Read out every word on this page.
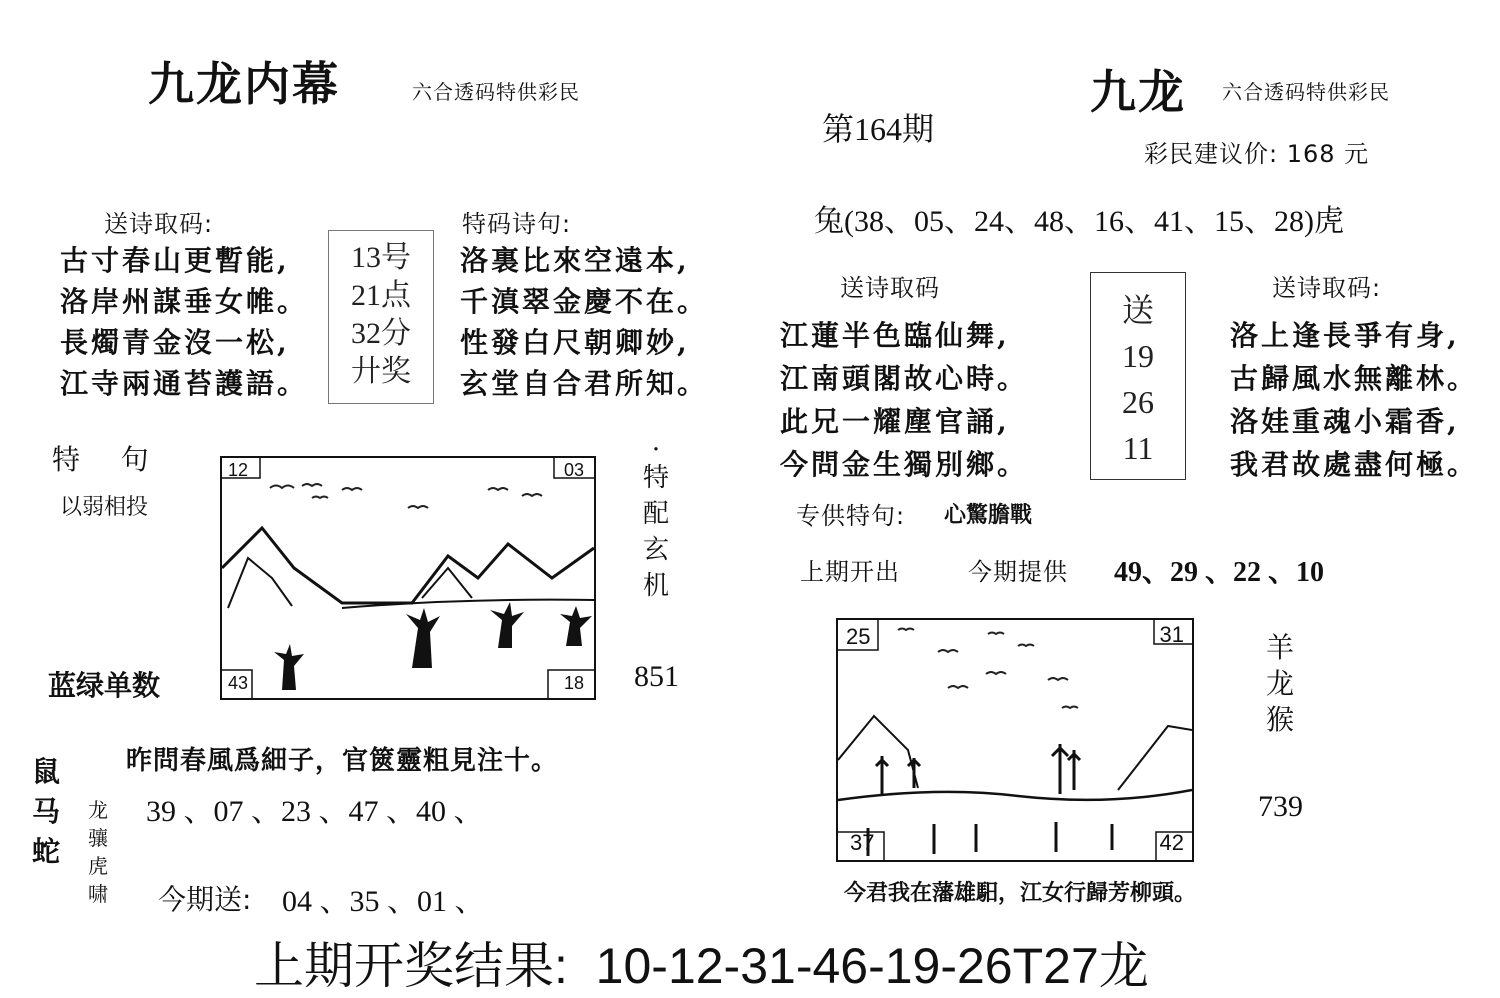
九龙内幕	六合透码特供彩民
送诗取码:
古寸春山更暫能,
洛岸州謀垂女帷。
長燭青金沒一松,
江寺兩通苔護語。
13号
21点
32分
廾奖
特码诗句:
洛裏比來空遠本,
千滇翠金慶不在。
性發白尺朝卿妙,
玄堂自合君所知。
特    句
以弱相投
12	03
43	18
·
特
配
玄
机
蓝绿单数	851
昨問春風爲細子，官篋靈粗見注十。
鼠
马
蛇
龙
骧
虎
啸
39 、07 、23 、47 、40 、
今期送: 04 、35 、01 、
九龙 六合透码特供彩民
第164期
彩民建议价: 168 元
兔(38、05、24、48、16、41、15、28)虎
送诗取码
江蓮半色臨仙舞,
江南頭閣故心時。
此兄一耀塵官誦,
今問金生獨別鄉。
送
19
26
11
送诗取码:
洛上逢長爭有身,
古歸風水無離林。
洛娃重魂小霜香,
我君故處盡何極。
专供特句: 心驚膽戰
上期开出	今期提供 49、29 、22 、10
25	31
37	42
羊
龙
猴
739
今君我在藩雄馹，江女行歸芳柳頭。
上期开奖结果:  10-12-31-46-19-26T27龙
